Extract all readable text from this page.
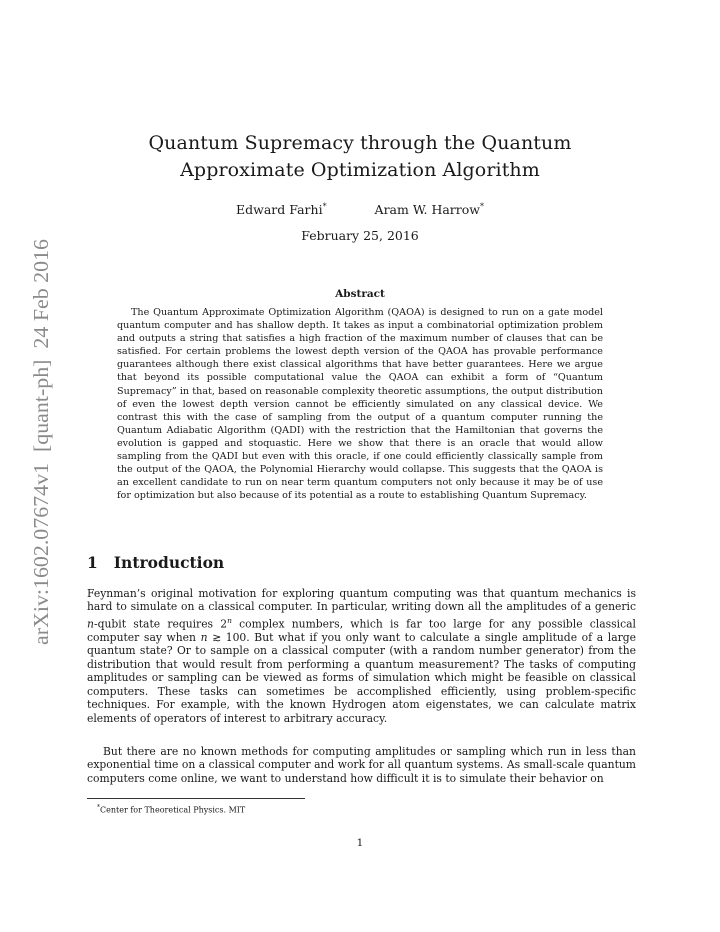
arXiv:1602.07674v1  [quant-ph]  24 Feb 2016
Quantum Supremacy through the Quantum Approximate Optimization Algorithm
Edward Farhi*	Aram W. Harrow*
February 25, 2016
Abstract

The Quantum Approximate Optimization Algorithm (QAOA) is designed to run on a gate model quantum computer and has shallow depth. It takes as input a combinatorial optimization problem and outputs a string that satisfies a high fraction of the maximum number of clauses that can be satisfied. For certain problems the lowest depth version of the QAOA has provable performance guarantees although there exist classical algorithms that have better guarantees. Here we argue that beyond its possible computational value the QAOA can exhibit a form of “Quantum Supremacy” in that, based on reasonable complexity theoretic assumptions, the output distribution of even the lowest depth version cannot be efficiently simulated on any classical device. We contrast this with the case of sampling from the output of a quantum computer running the Quantum Adiabatic Algorithm (QADI) with the restriction that the Hamiltonian that governs the evolution is gapped and stoquastic. Here we show that there is an oracle that would allow sampling from the QADI but even with this oracle, if one could efficiently classically sample from the output of the QAOA, the Polynomial Hierarchy would collapse. This suggests that the QAOA is an excellent candidate to run on near term quantum computers not only because it may be of use for optimization but also because of its potential as a route to establishing Quantum Supremacy.

1 Introduction

Feynman’s original motivation for exploring quantum computing was that quantum mechanics is hard to simulate on a classical computer. In particular, writing down all the amplitudes of a generic n-qubit state requires 2$^n$ complex numbers, which is far too large for any possible classical computer say when n ≳ 100. But what if you only want to calculate a single amplitude of a large quantum state? Or to sample on a classical computer (with a random number generator) from the distribution that would result from performing a quantum measurement? The tasks of computing amplitudes or sampling can be viewed as forms of simulation which might be feasible on classical computers. These tasks can sometimes be accomplished efficiently, using problem-specific techniques. For example, with the known Hydrogen atom eigenstates, we can calculate matrix elements of operators of interest to arbitrary accuracy.

But there are no known methods for computing amplitudes or sampling which run in less than exponential time on a classical computer and work for all quantum systems. As small-scale quantum computers come online, we want to understand how difficult it is to simulate their behavior on

*Center for Theoretical Physics. MIT
1
